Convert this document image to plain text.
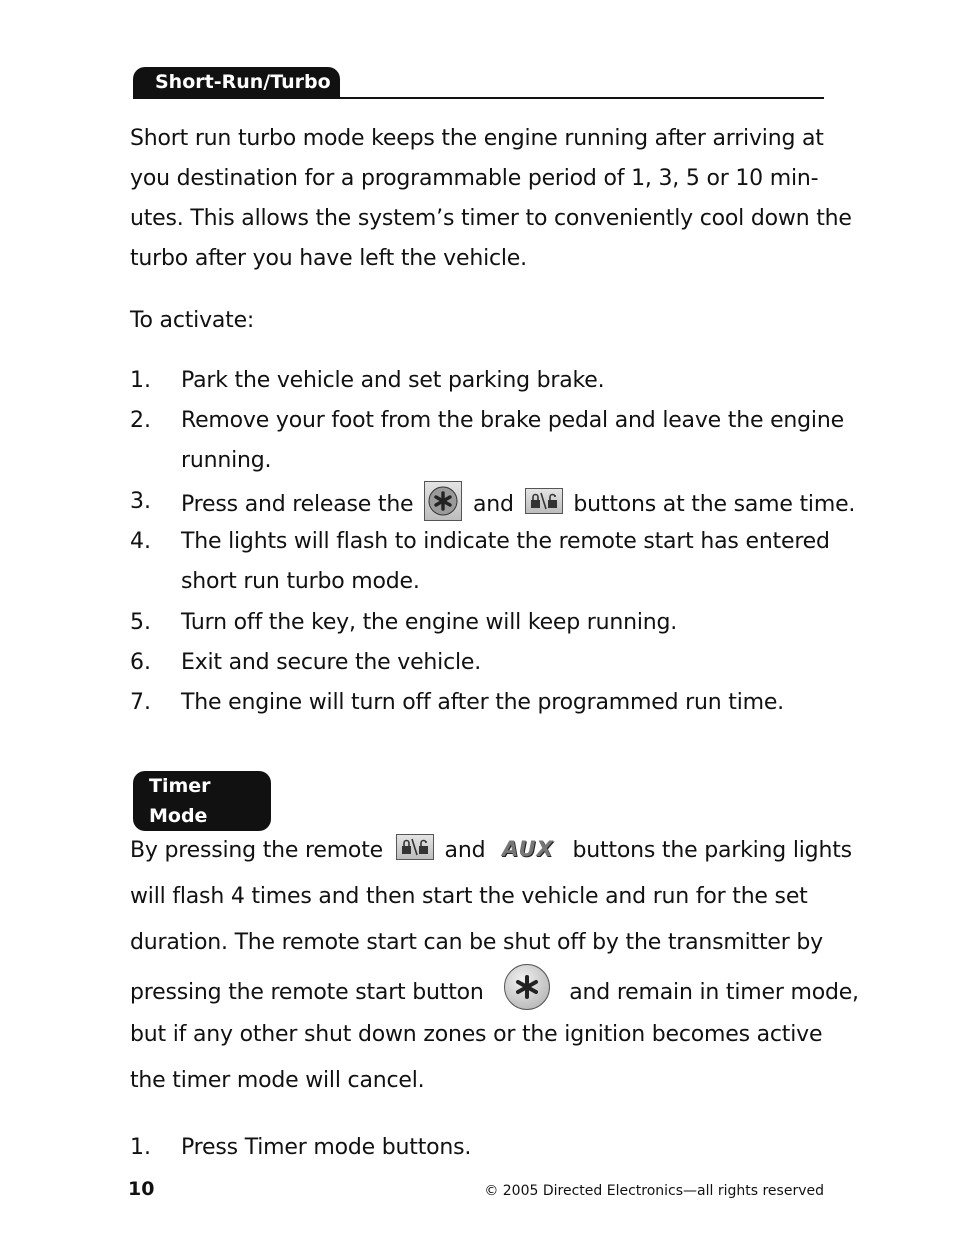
Short-Run/Turbo
Short run turbo mode keeps the engine running after arriving at
you destination for a programmable period of 1, 3, 5 or 10 min-
utes. This allows the system’s timer to conveniently cool down the
turbo after you have left the vehicle.
To activate:
1. Park the vehicle and set parking brake.
2. Remove your foot from the brake pedal and leave the engine
running.
3. Press and release the	and	buttons at the same time.
4. The lights will flash to indicate the remote start has entered
short run turbo mode.
5. Turn off the key, the engine will keep running.
6. Exit and secure the vehicle.
7. The engine will turn off after the programmed run time.
Timer Mode
By pressing the remote	and AUX buttons the parking lights
will flash 4 times and then start the vehicle and run for the set
duration. The remote start can be shut off by the transmitter by
pressing the remote start button	and remain in timer mode,
but if any other shut down zones or the ignition becomes active
the timer mode will cancel.
1. Press Timer mode buttons.
10	© 2005 Directed Electronics—all rights reserved
